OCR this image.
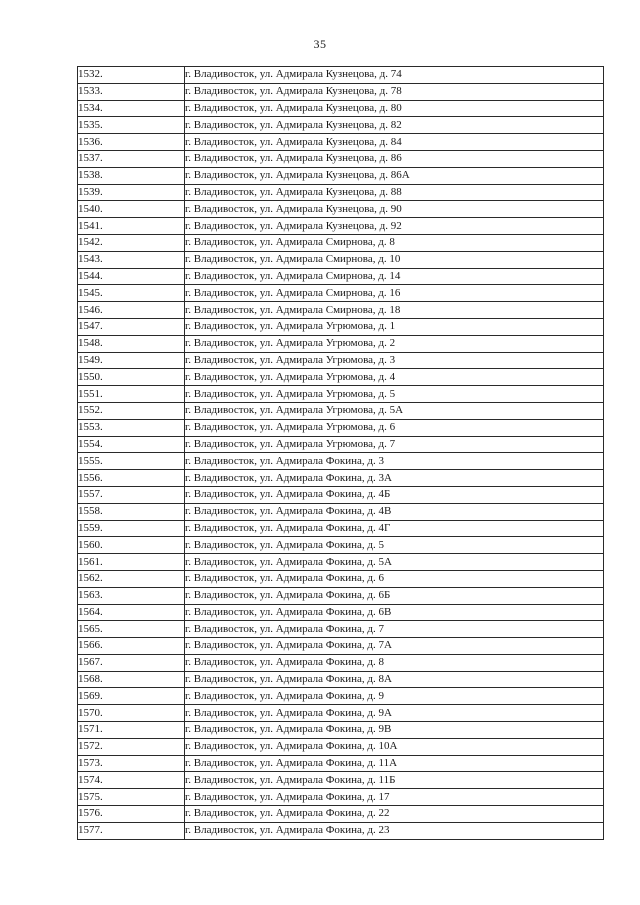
35
1532.	г. Владивосток, ул. Адмирала Кузнецова, д. 74
1533.	г. Владивосток, ул. Адмирала Кузнецова, д. 78
1534.	г. Владивосток, ул. Адмирала Кузнецова, д. 80
1535.	г. Владивосток, ул. Адмирала Кузнецова, д. 82
1536.	г. Владивосток, ул. Адмирала Кузнецова, д. 84
1537.	г. Владивосток, ул. Адмирала Кузнецова, д. 86
1538.	г. Владивосток, ул. Адмирала Кузнецова, д. 86А
1539.	г. Владивосток, ул. Адмирала Кузнецова, д. 88
1540.	г. Владивосток, ул. Адмирала Кузнецова, д. 90
1541.	г. Владивосток, ул. Адмирала Кузнецова, д. 92
1542.	г. Владивосток, ул. Адмирала Смирнова, д. 8
1543.	г. Владивосток, ул. Адмирала Смирнова, д. 10
1544.	г. Владивосток, ул. Адмирала Смирнова, д. 14
1545.	г. Владивосток, ул. Адмирала Смирнова, д. 16
1546.	г. Владивосток, ул. Адмирала Смирнова, д. 18
1547.	г. Владивосток, ул. Адмирала Угрюмова, д. 1
1548.	г. Владивосток, ул. Адмирала Угрюмова, д. 2
1549.	г. Владивосток, ул. Адмирала Угрюмова, д. 3
1550.	г. Владивосток, ул. Адмирала Угрюмова, д. 4
1551.	г. Владивосток, ул. Адмирала Угрюмова, д. 5
1552.	г. Владивосток, ул. Адмирала Угрюмова, д. 5А
1553.	г. Владивосток, ул. Адмирала Угрюмова, д. 6
1554.	г. Владивосток, ул. Адмирала Угрюмова, д. 7
1555.	г. Владивосток, ул. Адмирала Фокина, д. 3
1556.	г. Владивосток, ул. Адмирала Фокина, д. 3А
1557.	г. Владивосток, ул. Адмирала Фокина, д. 4Б
1558.	г. Владивосток, ул. Адмирала Фокина, д. 4В
1559.	г. Владивосток, ул. Адмирала Фокина, д. 4Г
1560.	г. Владивосток, ул. Адмирала Фокина, д. 5
1561.	г. Владивосток, ул. Адмирала Фокина, д. 5А
1562.	г. Владивосток, ул. Адмирала Фокина, д. 6
1563.	г. Владивосток, ул. Адмирала Фокина, д. 6Б
1564.	г. Владивосток, ул. Адмирала Фокина, д. 6В
1565.	г. Владивосток, ул. Адмирала Фокина, д. 7
1566.	г. Владивосток, ул. Адмирала Фокина, д. 7А
1567.	г. Владивосток, ул. Адмирала Фокина, д. 8
1568.	г. Владивосток, ул. Адмирала Фокина, д. 8А
1569.	г. Владивосток, ул. Адмирала Фокина, д. 9
1570.	г. Владивосток, ул. Адмирала Фокина, д. 9А
1571.	г. Владивосток, ул. Адмирала Фокина, д. 9В
1572.	г. Владивосток, ул. Адмирала Фокина, д. 10А
1573.	г. Владивосток, ул. Адмирала Фокина, д. 11А
1574.	г. Владивосток, ул. Адмирала Фокина, д. 11Б
1575.	г. Владивосток, ул. Адмирала Фокина, д. 17
1576.	г. Владивосток, ул. Адмирала Фокина, д. 22
1577.	г. Владивосток, ул. Адмирала Фокина, д. 23
